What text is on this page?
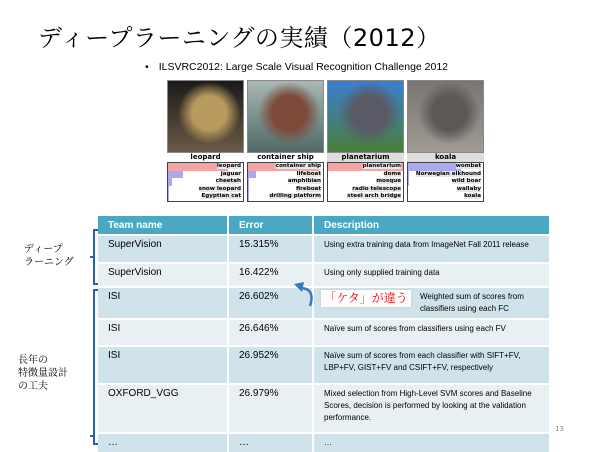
ディープラーニングの実績（2012）
• ILSVRC2012: Large Scale Visual Recognition Challenge 2012
leopard
leopard
jaguar
cheetah
snow leopard
Egyptian cat
container ship
container ship
lifeboat
amphibian
fireboat
drilling platform
planetarium
planetarium
dome
mosque
radio telescope
steel arch bridge
koala
wombat
Norwegian elkhound
wild boar
wallaby
koala
ディープ
ラーニング
長年の
特徴量設計
の工夫
Team name	Error	Description
SuperVision	15.315%	Using extra training data from ImageNet Fall 2011 release
SuperVision	16.422%	Using only supplied training data
ISI	26.602%	Weighted sum of scores from classifiers using each FC
ISI	26.646%	Naïve sum of scores from classifiers using each FV
ISI	26.952%	Naïve sum of scores from each classifier with SIFT+FV, LBP+FV, GIST+FV and CSIFT+FV, respectively
OXFORD_VGG	26.979%	Mixed selection from High-Level SVM scores and Baseline Scores, decision is performed by looking at the validation performance.
…	…	…
「ケタ」が違う
13
